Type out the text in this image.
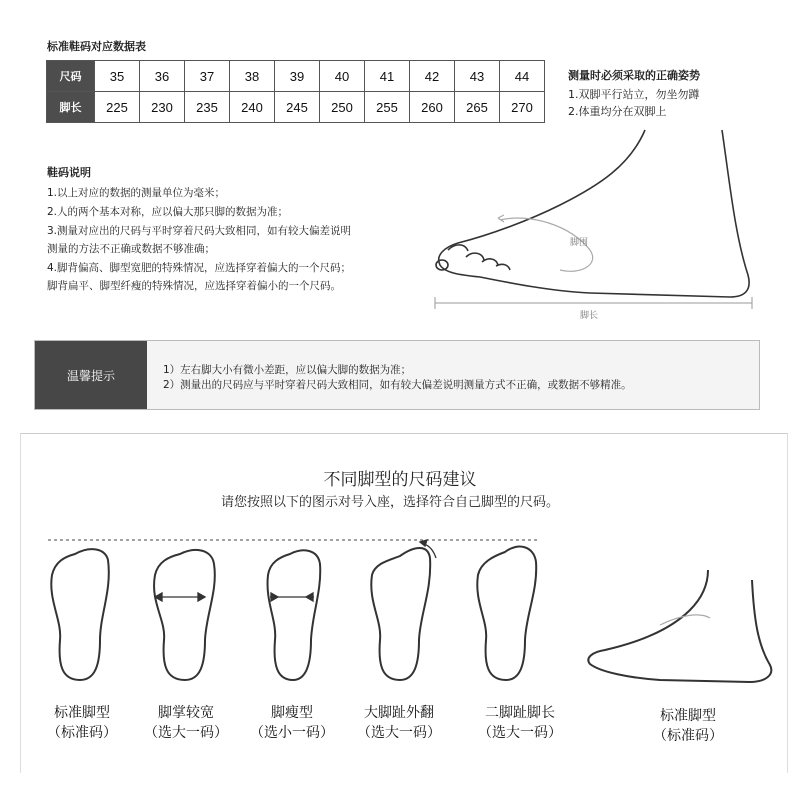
标准鞋码对应数据表
尺码	35	36	37	38	39	40	41	42	43	44
脚长	225	230	235	240	245	250	255	260	265	270
测量时必须采取的正确姿势
1.双脚平行站立，勿坐勿蹲
2.体重均分在双脚上
脚围
脚长
鞋码说明
1.以上对应的数据的测量单位为毫米；
2.人的两个基本对称，应以偏大那只脚的数据为准；
3.测量对应出的尺码与平时穿着尺码大致相同，如有较大偏差说明
测量的方法不正确或数据不够准确；
4.脚背偏高、脚型宽肥的特殊情况，应选择穿着偏大的一个尺码；
脚背扁平、脚型纤瘦的特殊情况，应选择穿着偏小的一个尺码。
温馨提示	1）左右脚大小有微小差距，应以偏大脚的数据为准；
2）测量出的尺码应与平时穿着尺码大致相同，如有较大偏差说明测量方式不正确，或数据不够精准。
不同脚型的尺码建议
请您按照以下的图示对号入座，选择符合自己脚型的尺码。
标准脚型
（标准码）
脚掌较宽
（选大一码）
脚瘦型
（选小一码）
大脚趾外翻
（选大一码）
二脚趾脚长
（选大一码）
标准脚型
（标准码）
